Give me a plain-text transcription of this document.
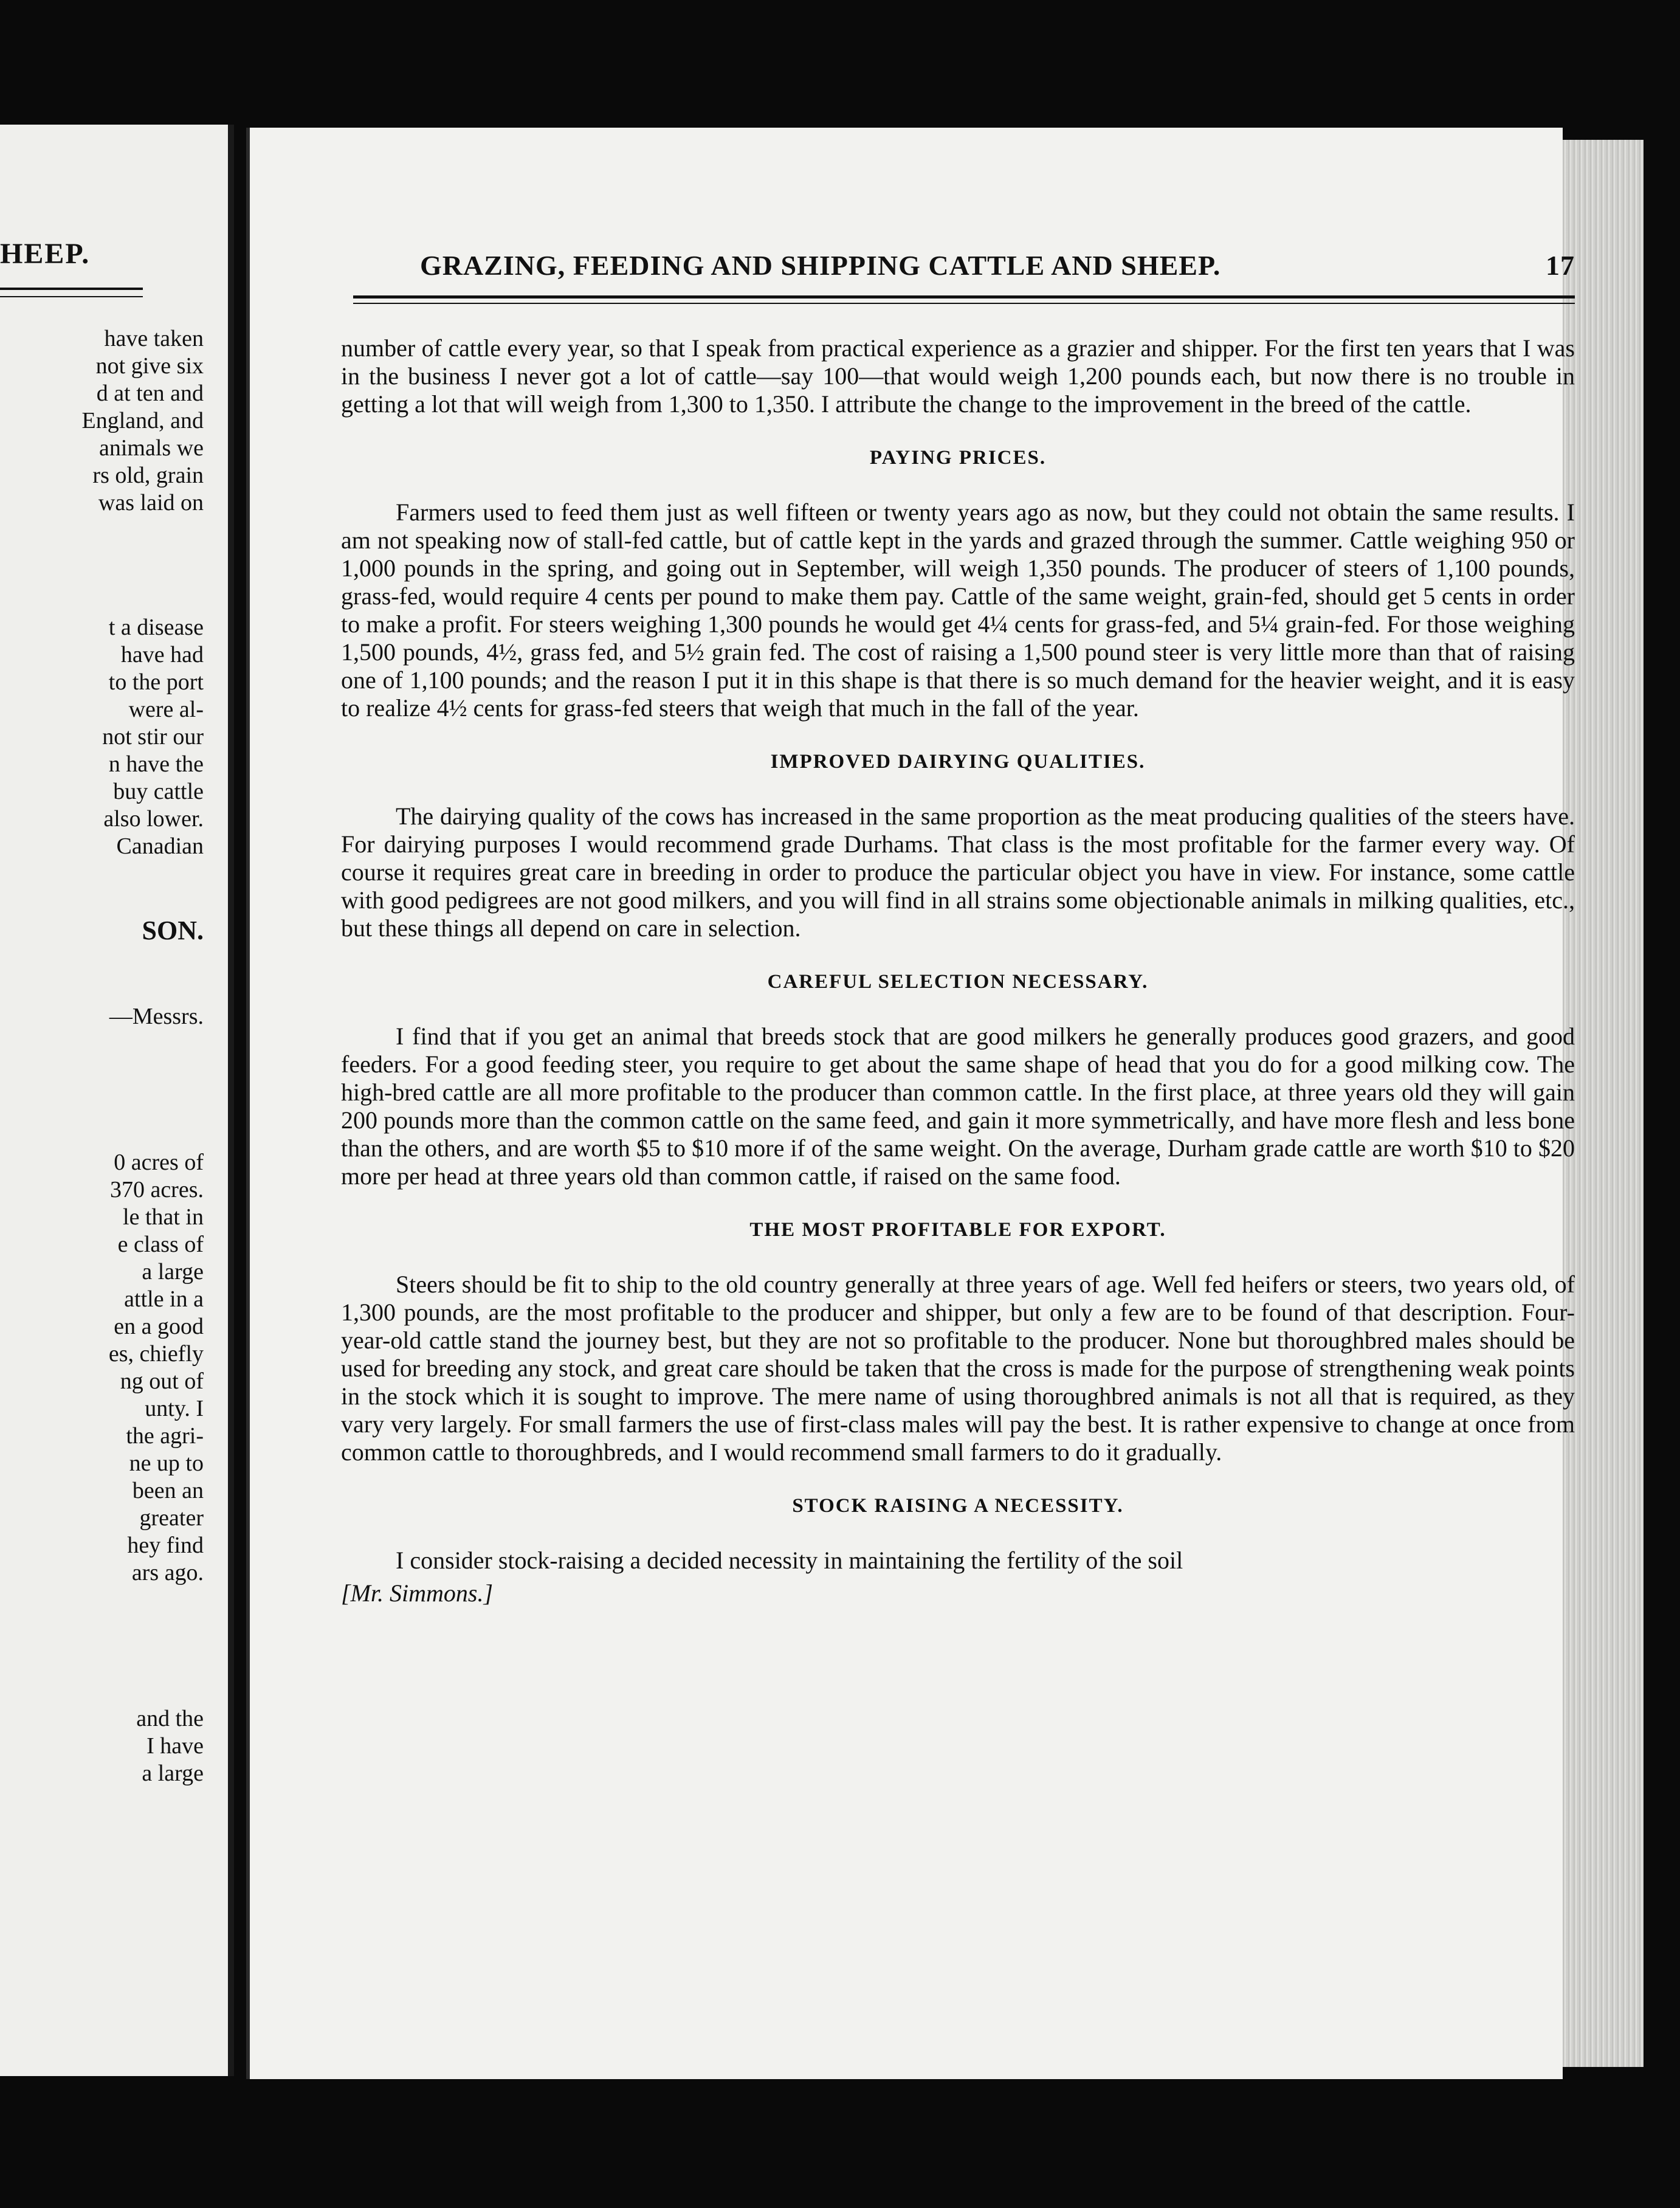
HEEP.
have taken
not give six
d at ten and
England, and
animals we
rs old, grain
was laid on
t a disease
have had
to the port
were al-
not stir our
n have the
buy cattle
also lower.
Canadian
SON.
—Messrs.
0 acres of
370 acres.
le that in
e class of
a large
attle in a
en a good
es, chiefly
ng out of
unty. I
the agri-
ne up to
been an
greater
hey find
ars ago.
and the
I have
a large
GRAZING, FEEDING AND SHIPPING CATTLE AND SHEEP.	17

number of cattle every year, so that I speak from practical experience as a grazier and shipper. For the first ten years that I was in the business I never got a lot of cattle—say 100—that would weigh 1,200 pounds each, but now there is no trouble in getting a lot that will weigh from 1,300 to 1,350. I attribute the change to the improvement in the breed of the cattle.

PAYING PRICES.

Farmers used to feed them just as well fifteen or twenty years ago as now, but they could not obtain the same results. I am not speaking now of stall-fed cattle, but of cattle kept in the yards and grazed through the summer. Cattle weighing 950 or 1,000 pounds in the spring, and going out in September, will weigh 1,350 pounds. The producer of steers of 1,100 pounds, grass-fed, would require 4 cents per pound to make them pay. Cattle of the same weight, grain-fed, should get 5 cents in order to make a profit. For steers weighing 1,300 pounds he would get 4¼ cents for grass-fed, and 5¼ grain-fed. For those weighing 1,500 pounds, 4½, grass fed, and 5½ grain fed. The cost of raising a 1,500 pound steer is very little more than that of raising one of 1,100 pounds; and the reason I put it in this shape is that there is so much demand for the heavier weight, and it is easy to realize 4½ cents for grass-fed steers that weigh that much in the fall of the year.

IMPROVED DAIRYING QUALITIES.

The dairying quality of the cows has increased in the same proportion as the meat producing qualities of the steers have. For dairying purposes I would recommend grade Durhams. That class is the most profitable for the farmer every way. Of course it requires great care in breeding in order to produce the particular object you have in view. For instance, some cattle with good pedigrees are not good milkers, and you will find in all strains some objectionable animals in milking qualities, etc., but these things all depend on care in selection.

CAREFUL SELECTION NECESSARY.

I find that if you get an animal that breeds stock that are good milkers he generally produces good grazers, and good feeders. For a good feeding steer, you require to get about the same shape of head that you do for a good milking cow. The high-bred cattle are all more profitable to the producer than common cattle. In the first place, at three years old they will gain 200 pounds more than the common cattle on the same feed, and gain it more symmetrically, and have more flesh and less bone than the others, and are worth $5 to $10 more if of the same weight. On the average, Durham grade cattle are worth $10 to $20 more per head at three years old than common cattle, if raised on the same food.

THE MOST PROFITABLE FOR EXPORT.

Steers should be fit to ship to the old country generally at three years of age. Well fed heifers or steers, two years old, of 1,300 pounds, are the most profitable to the producer and shipper, but only a few are to be found of that description. Four-year-old cattle stand the journey best, but they are not so profitable to the producer. None but thoroughbred males should be used for breeding any stock, and great care should be taken that the cross is made for the purpose of strengthening weak points in the stock which it is sought to improve. The mere name of using thoroughbred animals is not all that is required, as they vary very largely. For small farmers the use of first-class males will pay the best. It is rather expensive to change at once from common cattle to thoroughbreds, and I would recommend small farmers to do it gradually.

STOCK RAISING A NECESSITY.

I consider stock-raising a decided necessity in maintaining the fertility of the soil

[Mr. Simmons.]
